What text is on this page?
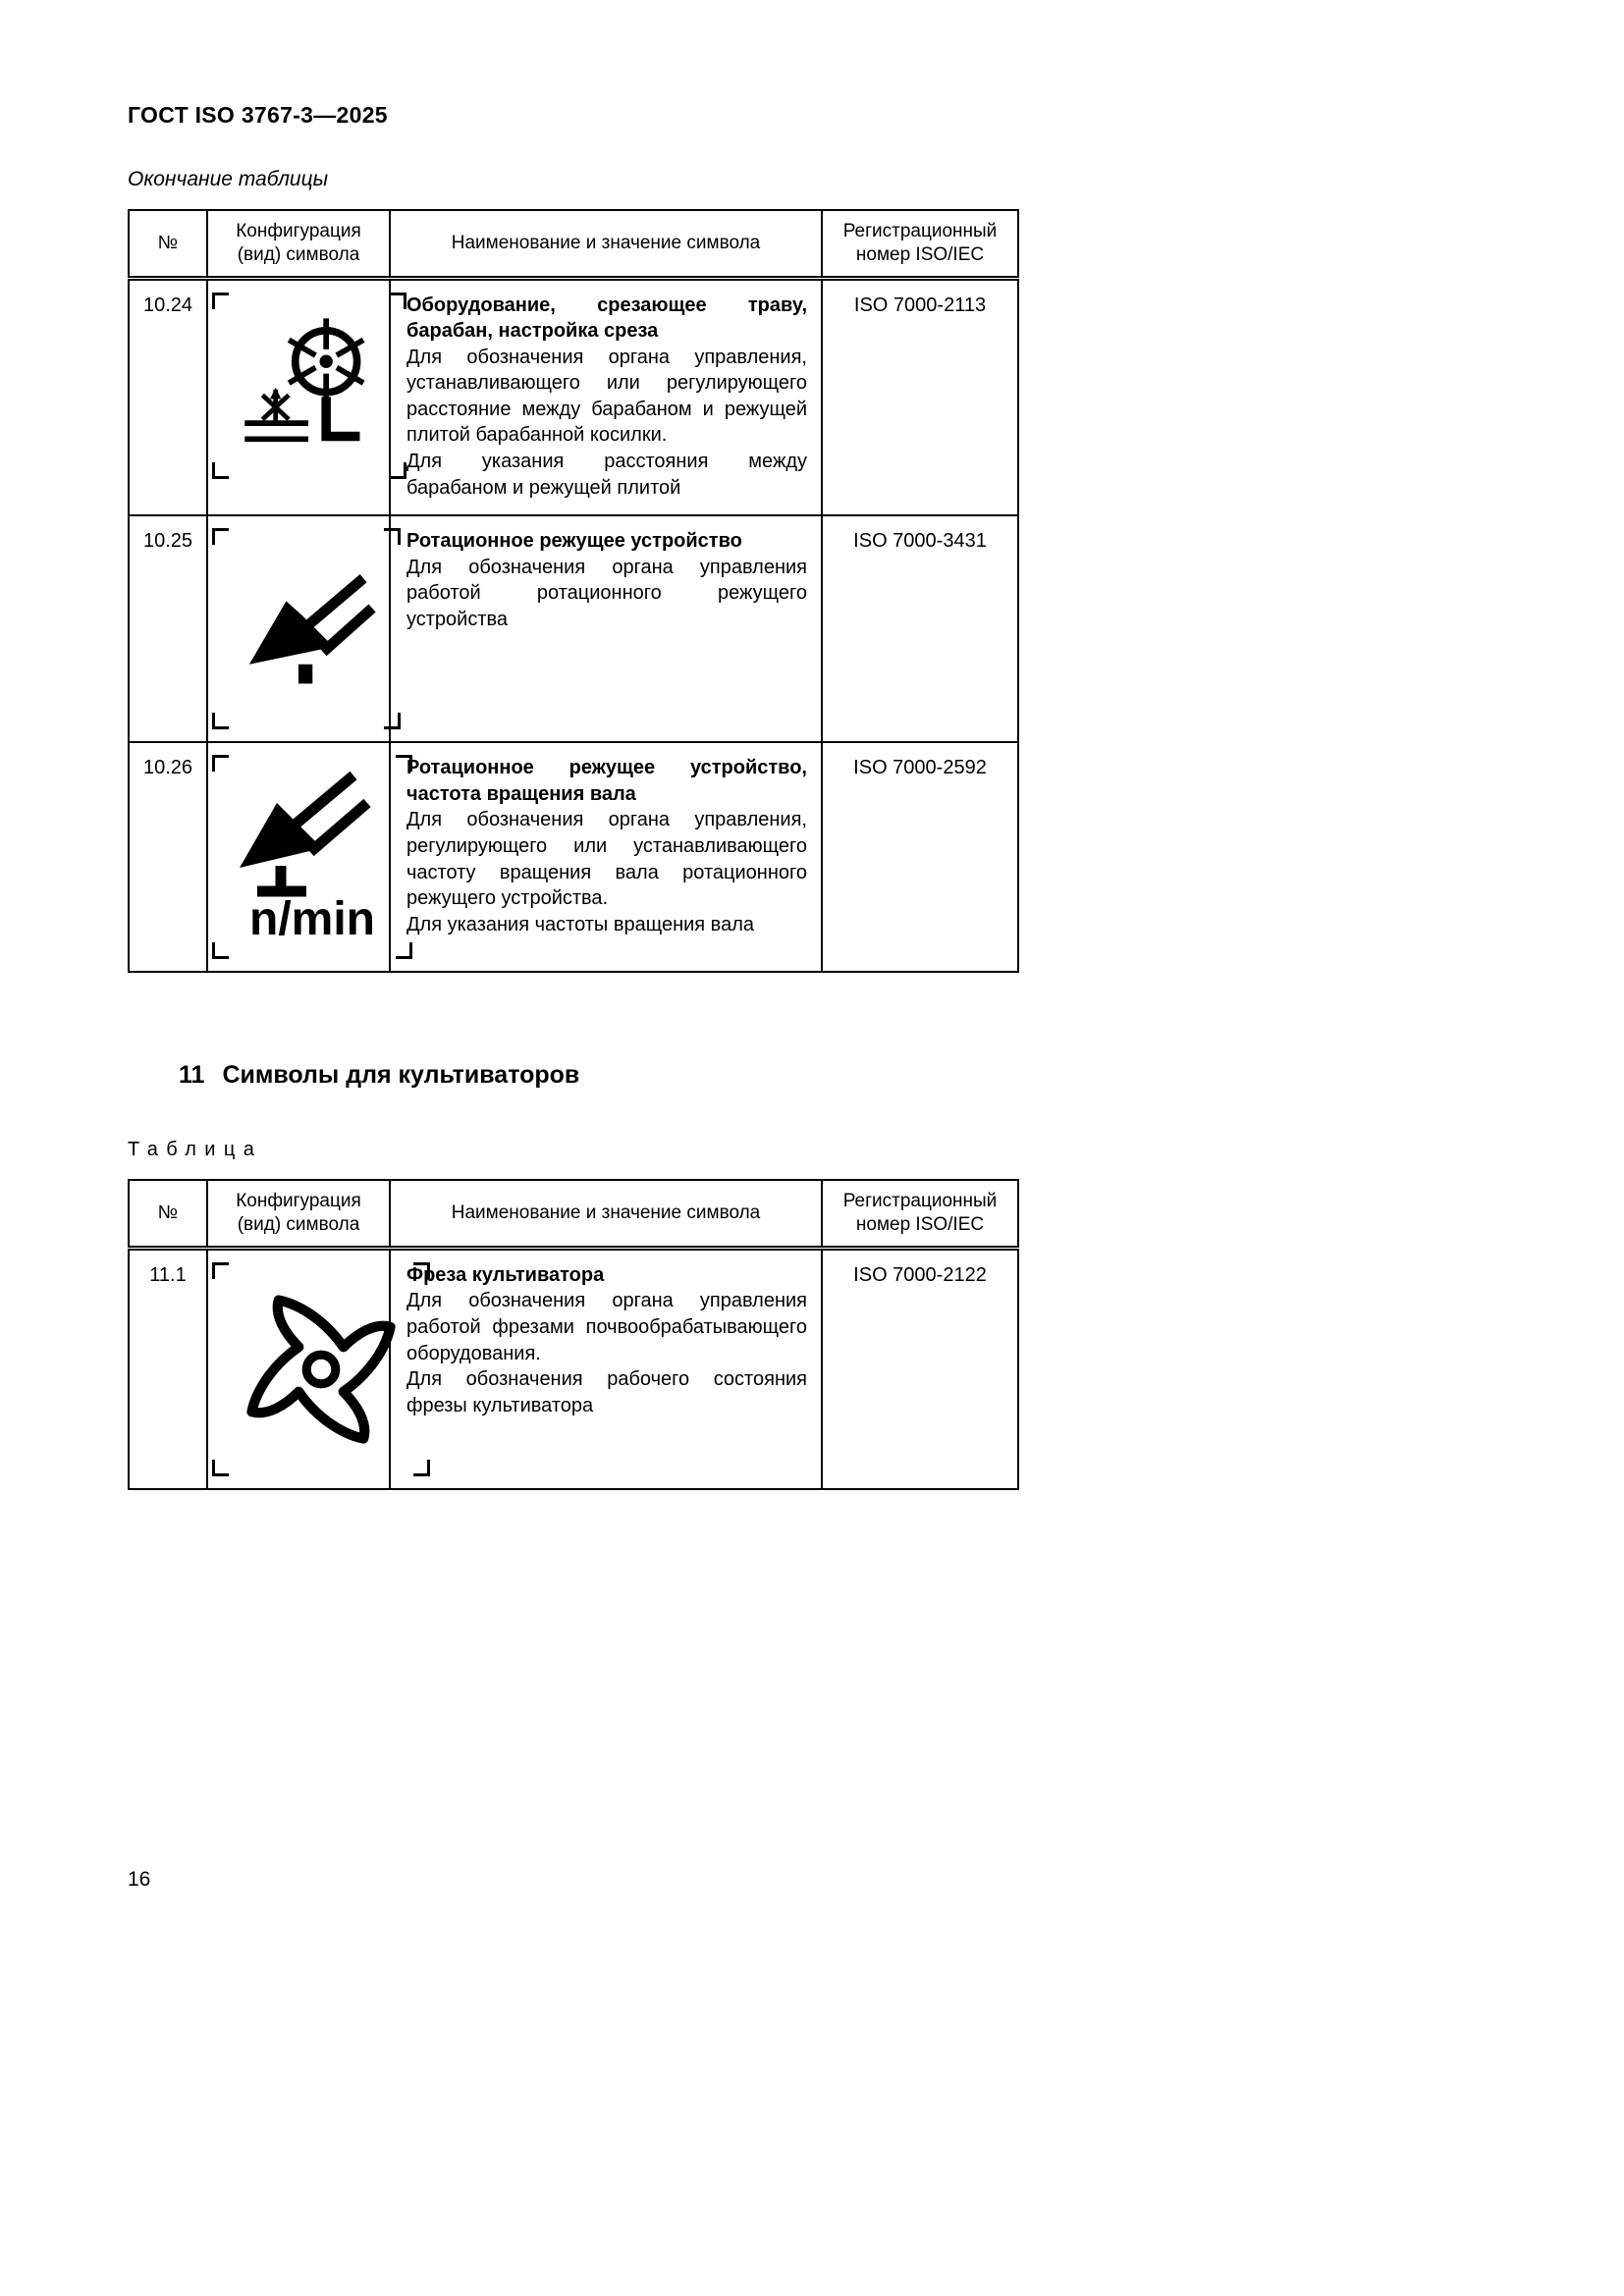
ГОСТ ISO 3767-3—2025
Окончание таблицы
№	Конфигурация (вид) символа	Наименование и значение символа	Регистрационный номер ISO/IEC
10.24		Оборудование, срезающее траву, барабан, настройка среза
Для обозначения органа управления, устанавливающего или регулирующего расстояние между барабаном и режущей плитой барабанной косилки.
Для указания расстояния между барабаном и режущей плитой	ISO 7000-2113
10.25		Ротационное режущее устройство
Для обозначения органа управления работой ротационного режущего устройства	ISO 7000-3431
10.26	n/min	Ротационное режущее устройство, частота вращения вала
Для обозначения органа управления, регулирующего или устанавливающего частоту вращения вала ротационного режущего устройства.
Для указания частоты вращения вала	ISO 7000-2592
11 Символы для культиваторов
Таблица
№	Конфигурация (вид) символа	Наименование и значение символа	Регистрационный номер ISO/IEC
11.1		Фреза культиватора
Для обозначения органа управления работой фрезами почвообрабатывающего оборудования.
Для обозначения рабочего состояния фрезы культиватора	ISO 7000-2122
16
